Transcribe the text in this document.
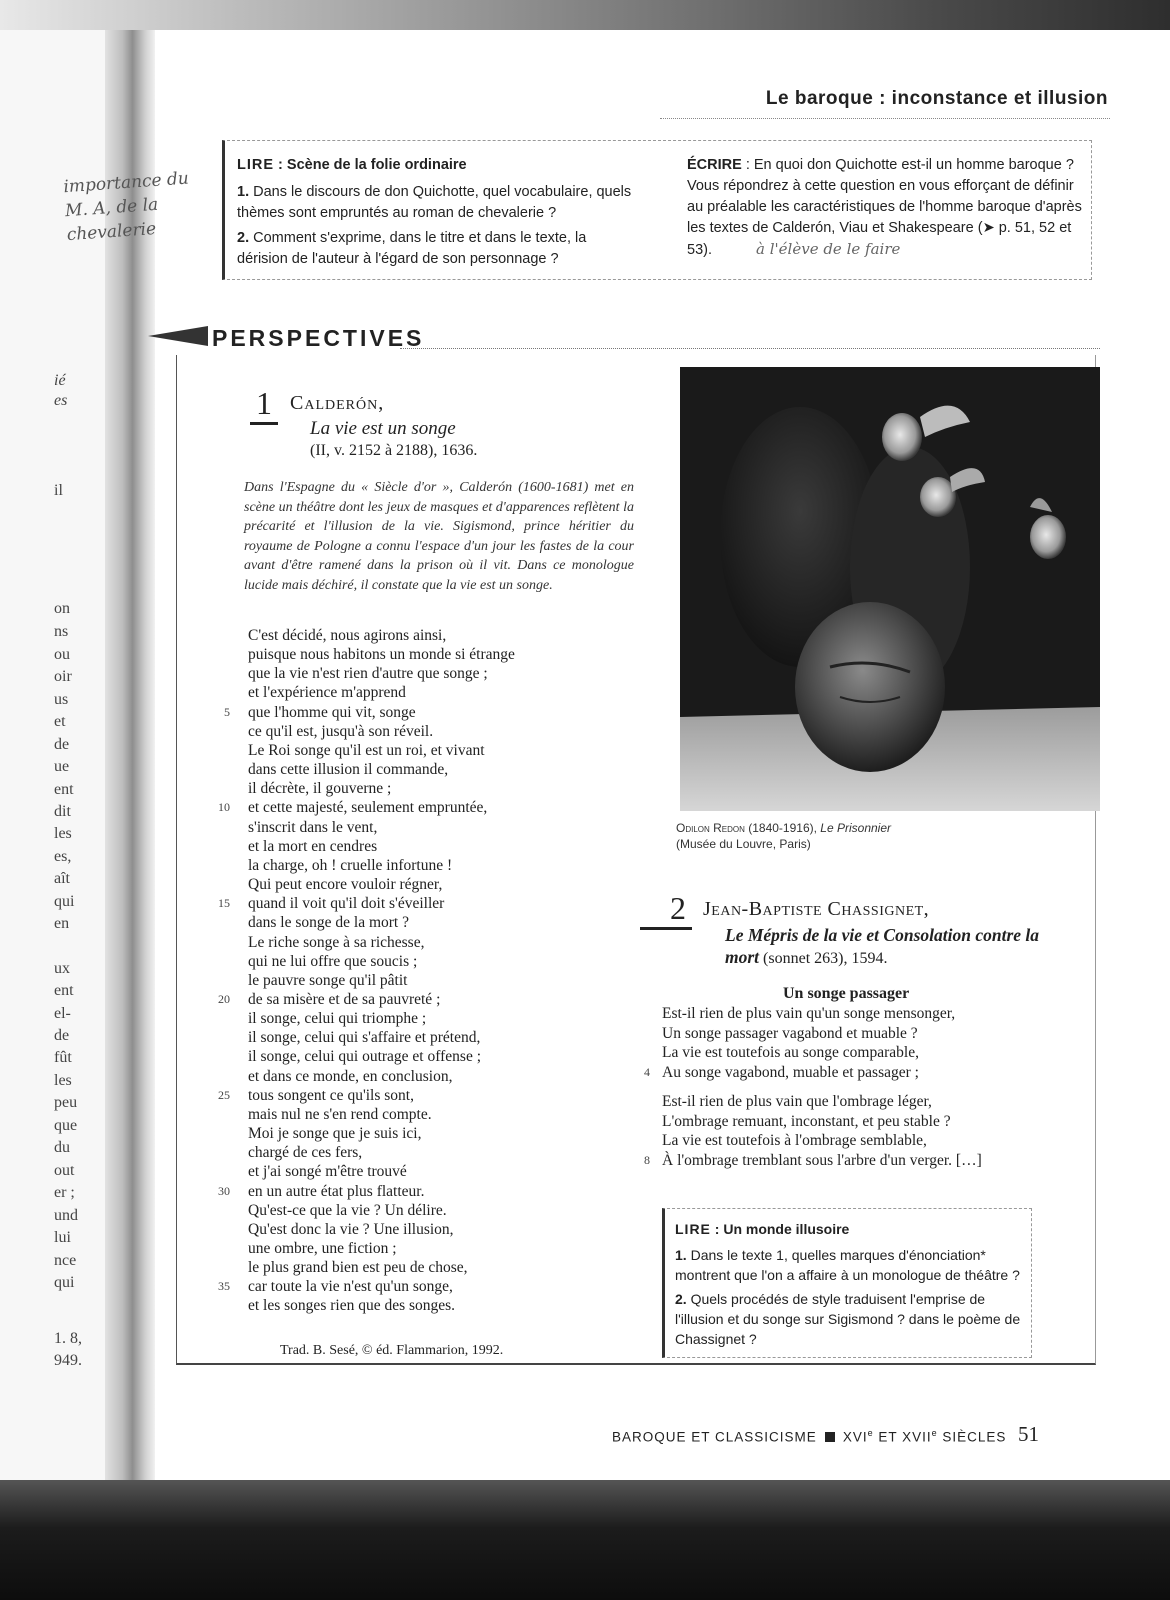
ié
es
il
on
ns
ou
oir
us
et
de
ue
ent
dit
les
es,
aît
qui
en
ux
ent
el-
de
fût
les
peu
que
du
out
er ;
und
lui
nce
qui
1. 8,
949.
importance du M. A, de la chevalerie
Le baroque : inconstance et illusion
LIRE : Scène de la folie ordinaire
1. Dans le discours de don Quichotte, quel vocabulaire, quels thèmes sont empruntés au roman de chevalerie ?
2. Comment s'exprime, dans le titre et dans le texte, la dérision de l'auteur à l'égard de son personnage ?
ÉCRIRE : En quoi don Quichotte est-il un homme baroque ? Vous répondrez à cette question en vous efforçant de définir au préalable les caractéristiques de l'homme baroque d'après les textes de Calderón, Viau et Shakespeare (➤ p. 51, 52 et 53).	à l'élève de le faire
PERSPECTIVES
1 Calderón,
La vie est un songe
(II, v. 2152 à 2188), 1636.
Dans l'Espagne du « Siècle d'or », Calderón (1600-1681) met en scène un théâtre dont les jeux de masques et d'apparences reflètent la précarité et l'illusion de la vie. Sigismond, prince héritier du royaume de Pologne a connu l'espace d'un jour les fastes de la cour avant d'être ramené dans la prison où il vit. Dans ce monologue lucide mais déchiré, il constate que la vie est un songe.
C'est décidé, nous agirons ainsi,
puisque nous habitons un monde si étrange
que la vie n'est rien d'autre que songe ;
et l'expérience m'apprend
5 que l'homme qui vit, songe
ce qu'il est, jusqu'à son réveil.
Le Roi songe qu'il est un roi, et vivant
dans cette illusion il commande,
il décrète, il gouverne ;
10 et cette majesté, seulement empruntée,
s'inscrit dans le vent,
et la mort en cendres
la charge, oh ! cruelle infortune !
Qui peut encore vouloir régner,
15 quand il voit qu'il doit s'éveiller
dans le songe de la mort ?
Le riche songe à sa richesse,
qui ne lui offre que soucis ;
le pauvre songe qu'il pâtit
20 de sa misère et de sa pauvreté ;
il songe, celui qui triomphe ;
il songe, celui qui s'affaire et prétend,
il songe, celui qui outrage et offense ;
et dans ce monde, en conclusion,
25 tous songent ce qu'ils sont,
mais nul ne s'en rend compte.
Moi je songe que je suis ici,
chargé de ces fers,
et j'ai songé m'être trouvé
30 en un autre état plus flatteur.
Qu'est-ce que la vie ? Un délire.
Qu'est donc la vie ? Une illusion,
une ombre, une fiction ;
le plus grand bien est peu de chose,
35 car toute la vie n'est qu'un songe,
et les songes rien que des songes.
Trad. B. Sesé, © éd. Flammarion, 1992.
Odilon Redon (1840-1916), Le Prisonnier
(Musée du Louvre, Paris)
2 Jean-Baptiste Chassignet,
Le Mépris de la vie et Consolation contre la mort (sonnet 263), 1594.
Un songe passager
Est-il rien de plus vain qu'un songe mensonger,
Un songe passager vagabond et muable ?
La vie est toutefois au songe comparable,
4 Au songe vagabond, muable et passager ;
Est-il rien de plus vain que l'ombrage léger,
L'ombrage remuant, inconstant, et peu stable ?
La vie est toutefois à l'ombrage semblable,
8 À l'ombrage tremblant sous l'arbre d'un verger. […]
LIRE : Un monde illusoire
1. Dans le texte 1, quelles marques d'énonciation* montrent que l'on a affaire à un monologue de théâtre ?
2. Quels procédés de style traduisent l'emprise de l'illusion et du songe sur Sigismond ? dans le poème de Chassignet ?
BAROQUE ET CLASSICISME XVIe ET XVIIe SIÈCLES 51
